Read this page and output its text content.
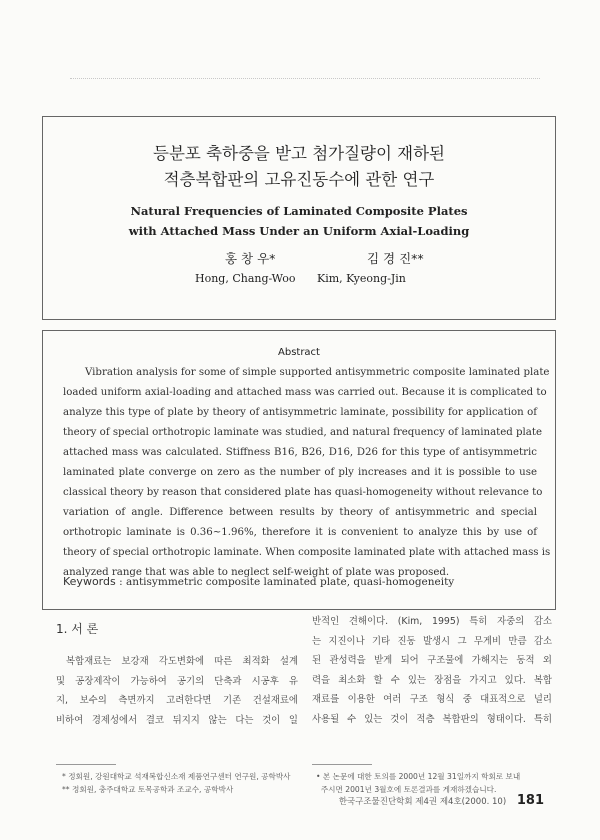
등분포 축하중을 받고 첨가질량이 재하된
적층복합판의 고유진동수에 관한 연구
Natural Frequencies of Laminated Composite Plates
with Attached Mass Under an Uniform Axial-Loading
홍 창 우*	김 경 진**
Hong, Chang-Woo Kim, Kyeong-Jin
Abstract
Vibration analysis for some of simple supported antisymmetric composite laminated plate
loaded uniform axial-loading and attached mass was carried out. Because it is complicated to
analyze this type of plate by theory of antisymmetric laminate, possibility for application of
theory of special orthotropic laminate was studied, and natural frequency of laminated plate
attached mass was calculated. Stiffness B16, B26, D16, D26 for this type of antisymmetric
laminated plate converge on zero as the number of ply increases and it is possible to use
classical theory by reason that considered plate has quasi-homogeneity without relevance to
variation of angle. Difference between results by theory of antisymmetric and special
orthotropic laminate is 0.36~1.96%, therefore it is convenient to analyze this by use of
theory of special orthotropic laminate. When composite laminated plate with attached mass is
analyzed range that was able to neglect self-weight of plate was proposed.
Keywords : antisymmetric composite laminated plate, quasi-homogeneity
1. 서 론
복합재료는 보강재 각도변화에 따른 최적화 설계
및 공장제작이 가능하여 공기의 단축과 시공후 유
지, 보수의 측면까지 고려한다면 기존 건설재료에
비하여 경제성에서 결코 뒤지지 않는 다는 것이 일
반적인 견해이다. (Kim, 1995) 특히 자중의 감소
는 지진이나 기타 진동 발생시 그 무게비 만큼 감소
된 관성력을 받게 되어 구조물에 가해지는 동적 외
력을 최소화 할 수 있는 장점을 가지고 있다. 복합
재료를 이용한 여러 구조 형식 중 대표적으로 널리
사용될 수 있는 것이 적층 복합판의 형태이다. 특히
* 정회원, 강원대학교 석재복합신소재 제품연구센터 연구원, 공학박사
** 정회원, 충주대학교 토목공학과 조교수, 공학박사
• 본 논문에 대한 토의를 2000년 12월 31일까지 학회로 보내
주시면 2001년 3월호에 토론결과를 게재하겠습니다.
한국구조물진단학회 제4권 제4호(2000. 10) 181
